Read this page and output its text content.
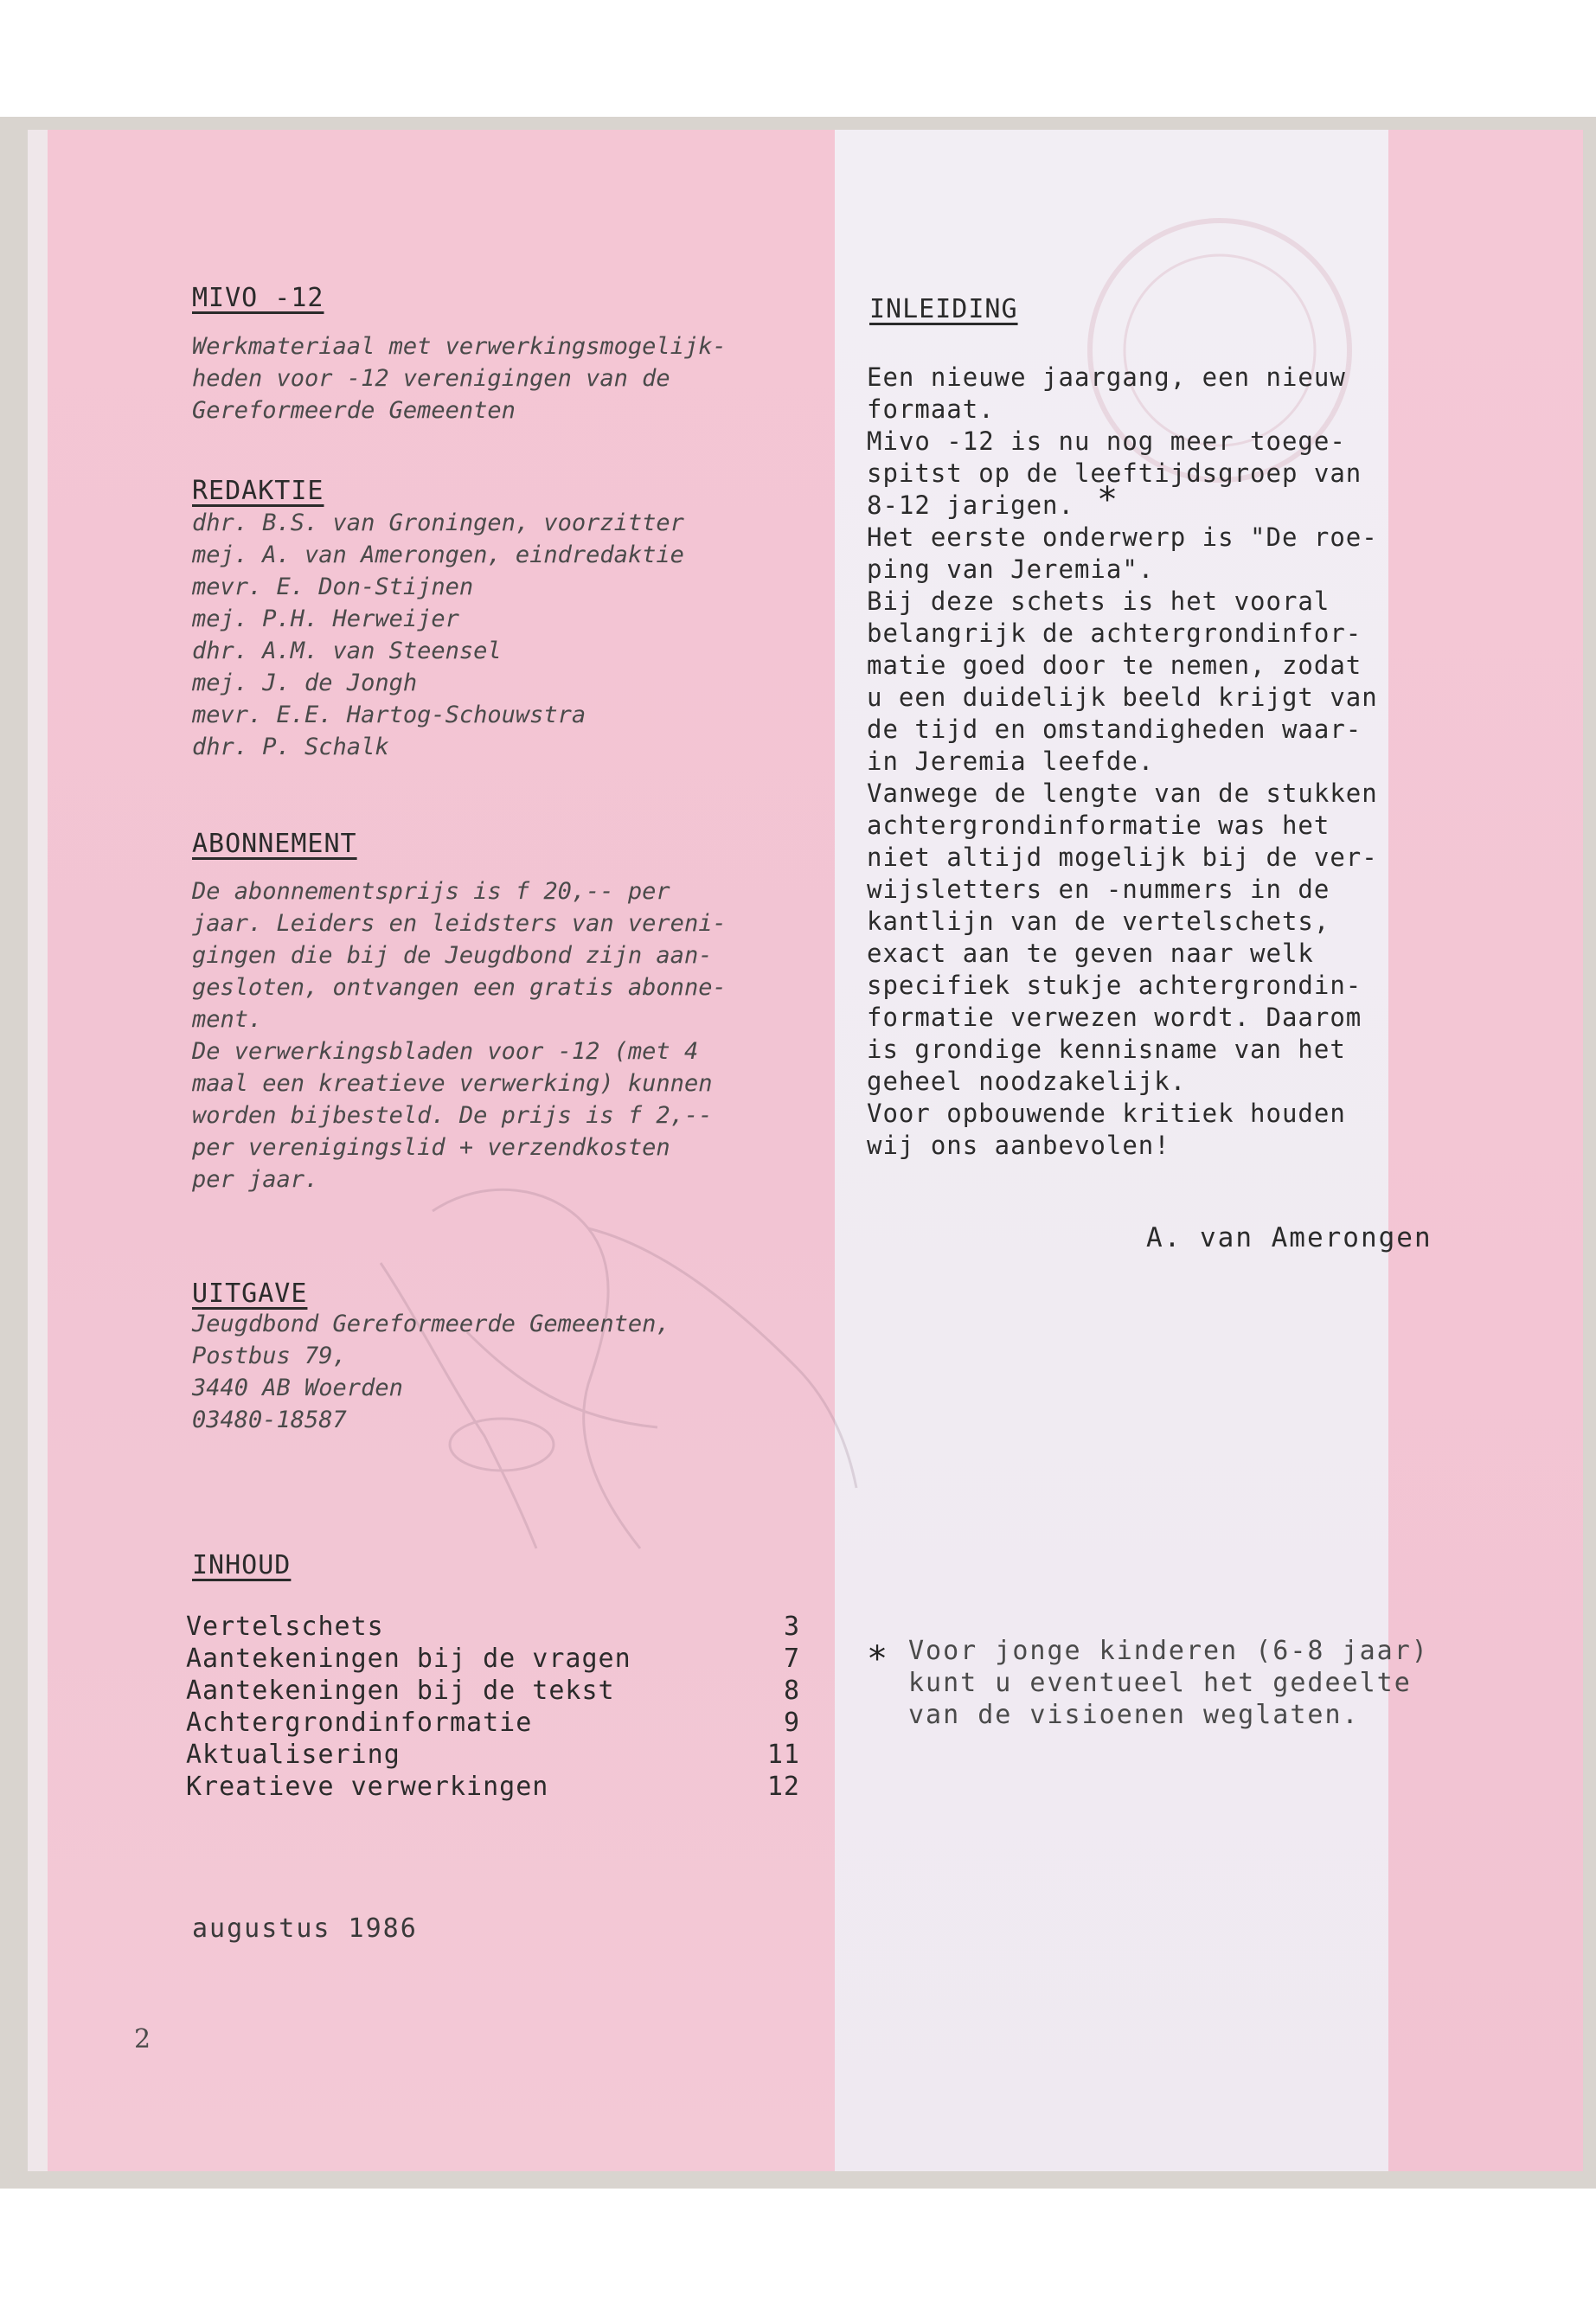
MIVO -12
Werkmateriaal met verwerkingsmogelijk-
heden voor -12 verenigingen van de
Gereformeerde Gemeenten
REDAKTIE
dhr. B.S. van Groningen, voorzitter
mej. A. van Amerongen, eindredaktie
mevr. E. Don-Stijnen
mej. P.H. Herweijer
dhr. A.M. van Steensel
mej. J. de Jongh
mevr. E.E. Hartog-Schouwstra
dhr. P. Schalk
ABONNEMENT
De abonnementsprijs is f 20,-- per
jaar. Leiders en leidsters van vereni-
gingen die bij de Jeugdbond zijn aan-
gesloten, ontvangen een gratis abonne-
ment.
De verwerkingsbladen voor -12 (met 4
maal een kreatieve verwerking) kunnen
worden bijbesteld. De prijs is f 2,--
per verenigingslid + verzendkosten
per jaar.
UITGAVE
Jeugdbond Gereformeerde Gemeenten,
Postbus 79,
3440 AB Woerden
03480-18587
INHOUD
Vertelschets	3
Aantekeningen bij de vragen	7
Aantekeningen bij de tekst	8
Achtergrondinformatie	9
Aktualisering	11
Kreatieve verwerkingen	12
augustus 1986
2
INLEIDING
Een nieuwe jaargang, een nieuw
formaat.
Mivo -12 is nu nog meer toege-
spitst op de leeftijdsgroep van
8-12 jarigen.
Het eerste onderwerp is "De roe-
ping van Jeremia".
Bij deze schets is het vooral
belangrijk de achtergrondinfor-
matie goed door te nemen, zodat
u een duidelijk beeld krijgt van
de tijd en omstandigheden waar-
in Jeremia leefde.
Vanwege de lengte van de stukken
achtergrondinformatie was het
niet altijd mogelijk bij de ver-
wijsletters en -nummers in de
kantlijn van de vertelschets,
exact aan te geven naar welk
specifiek stukje achtergrondin-
formatie verwezen wordt. Daarom
is grondige kennisname van het
geheel noodzakelijk.
Voor opbouwende kritiek houden
wij ons aanbevolen!
*
A. van Amerongen
* Voor jonge kinderen (6-8 jaar)
kunt u eventueel het gedeelte
van de visioenen weglaten.
